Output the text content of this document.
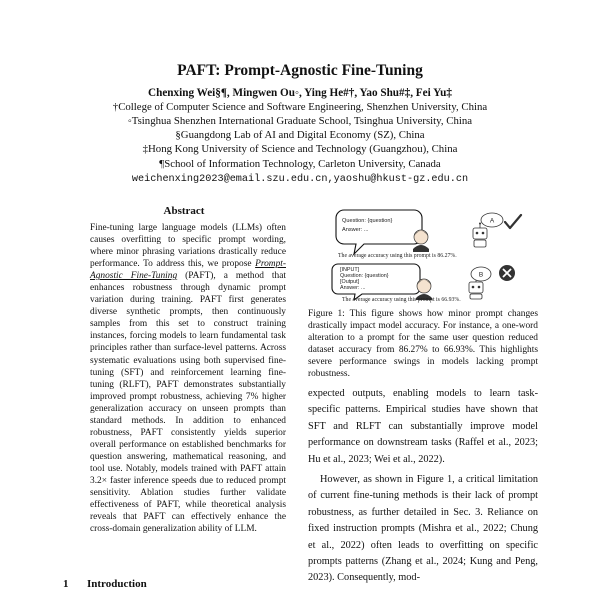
PAFT: Prompt-Agnostic Fine-Tuning
Chenxing Wei§¶, Mingwen Ou◦, Ying He#†, Yao Shu#‡, Fei Yu‡
†College of Computer Science and Software Engineering, Shenzhen University, China
◦Tsinghua Shenzhen International Graduate School, Tsinghua University, China
§Guangdong Lab of AI and Digital Economy (SZ), China
‡Hong Kong University of Science and Technology (Guangzhou), China
¶School of Information Technology, Carleton University, Canada
weichenxing2023@email.szu.edu.cn,yaoshu@hkust-gz.edu.cn
Abstract
Fine-tuning large language models (LLMs) often causes overfitting to specific prompt wording, where minor phrasing variations drastically reduce performance. To address this, we propose Prompt-Agnostic Fine-Tuning (PAFT), a method that enhances robustness through dynamic prompt variation during training. PAFT first generates diverse synthetic prompts, then continuously samples from this set to construct training instances, forcing models to learn fundamental task principles rather than surface-level patterns. Across systematic evaluations using both supervised fine-tuning (SFT) and reinforcement learning fine-tuning (RLFT), PAFT demonstrates substantially improved prompt robustness, achieving 7% higher generalization accuracy on unseen prompts than standard methods. In addition to enhanced robustness, PAFT consistently yields superior overall performance on established benchmarks for question answering, mathematical reasoning, and tool use. Notably, models trained with PAFT attain 3.2× faster inference speeds due to reduced prompt sensitivity. Ablation studies further validate effectiveness of PAFT, while theoretical analysis reveals that PAFT can effectively enhance the cross-domain generalization ability of LLM.
1 Introduction
Question: {question} Answer: ...
A
The average accuracy using this prompt is 86.27%.
[INPUT] Question: {question} [Output] Answer: ...
B
The average accuracy using this prompt is 66.93%.
Figure 1: This figure shows how minor prompt changes drastically impact model accuracy. For instance, a one-word alteration to a prompt for the same user question reduced dataset accuracy from 86.27% to 66.93%. This highlights severe performance swings in models lacking prompt robustness.

expected outputs, enabling models to learn task-specific patterns. Empirical studies have shown that SFT and RLFT can substantially improve model performance on downstream tasks (Raffel et al., 2023; Hu et al., 2023; Wei et al., 2022).

However, as shown in Figure 1, a critical limitation of current fine-tuning methods is their lack of prompt robustness, as further detailed in Sec. 3. Reliance on fixed instruction prompts (Mishra et al., 2022; Chung et al., 2022) often leads to overfitting on specific prompts patterns (Zhang et al., 2024; Kung and Peng, 2023). Consequently, mod-
